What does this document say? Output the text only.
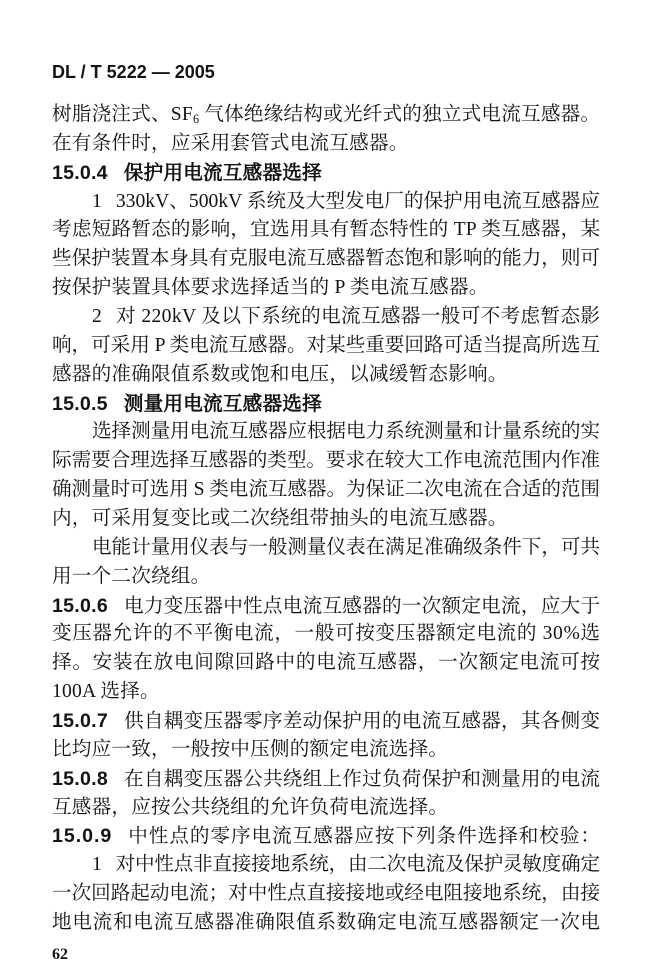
DL / T 5222 — 2005
树脂浇注式、$SF_6$ 气体绝缘结构或光纤式的独立式电流互感器。
在有条件时，应采用套管式电流互感器。
15.0.4 保护用电流互感器选择
1 330kV、500kV 系统及大型发电厂的保护用电流互感器应
考虑短路暂态的影响，宜选用具有暂态特性的 TP 类互感器，某
些保护装置本身具有克服电流互感器暂态饱和影响的能力，则可
按保护装置具体要求选择适当的 P 类电流互感器。
2 对 220kV 及以下系统的电流互感器一般可不考虑暂态影
响，可采用 P 类电流互感器。对某些重要回路可适当提高所选互
感器的准确限值系数或饱和电压，以减缓暂态影响。
15.0.5 测量用电流互感器选择
选择测量用电流互感器应根据电力系统测量和计量系统的实
际需要合理选择互感器的类型。要求在较大工作电流范围内作准
确测量时可选用 S 类电流互感器。为保证二次电流在合适的范围
内，可采用复变比或二次绕组带抽头的电流互感器。
电能计量用仪表与一般测量仪表在满足准确级条件下，可共
用一个二次绕组。
15.0.6 电力变压器中性点电流互感器的一次额定电流，应大于
变压器允许的不平衡电流，一般可按变压器额定电流的 30%选
择。安装在放电间隙回路中的电流互感器，一次额定电流可按
100A 选择。
15.0.7 供自耦变压器零序差动保护用的电流互感器，其各侧变
比均应一致，一般按中压侧的额定电流选择。
15.0.8 在自耦变压器公共绕组上作过负荷保护和测量用的电流
互感器，应按公共绕组的允许负荷电流选择。
15.0.9 中性点的零序电流互感器应按下列条件选择和校验：
1 对中性点非直接接地系统，由二次电流及保护灵敏度确定
一次回路起动电流；对中性点直接接地或经电阻接地系统，由接
地电流和电流互感器准确限值系数确定电流互感器额定一次电
62
